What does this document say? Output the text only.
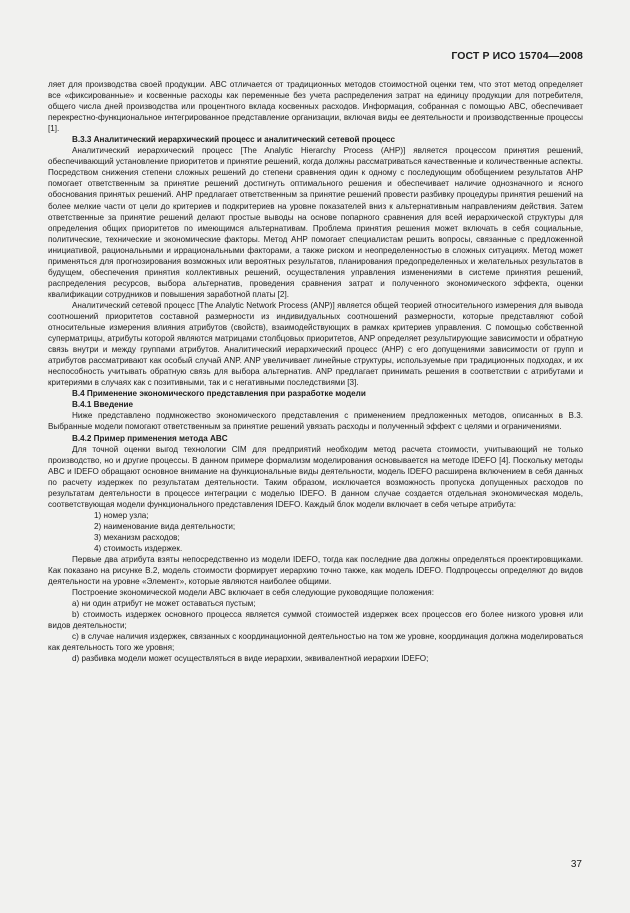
ГОСТ Р ИСО 15704—2008

ляет для производства своей продукции. ABC отличается от традиционных методов стоимостной оценки тем, что этот метод определяет все «фиксированные» и косвенные расходы как переменные без учета распределения затрат на единицу продукции для потребителя, общего числа дней производства или процентного вклада косвенных расходов. Информация, собранная с помощью ABC, обеспечивает перекрестно-функциональное интегрированное представление организации, включая виды ее деятельности и производственные процессы [1].

В.3.3 Аналитический иерархический процесс и аналитический сетевой процесс

Аналитический иерархический процесс [The Analytic Hierarchy Process (AHP)] является процессом принятия решений, обеспечивающий установление приоритетов и принятие решений, когда должны рассматриваться качественные и количественные аспекты. Посредством снижения степени сложных решений до степени сравнения один к одному с последующим обобщением результатов AHP помогает ответственным за принятие решений достигнуть оптимального решения и обеспечивает наличие однозначного и ясного обоснования принятых решений. AHP предлагает ответственным за принятие решений провести разбивку процедуры принятия решений на более мелкие части от цели до критериев и подкритериев на уровне показателей вниз к альтернативным направлениям действия. Затем ответственные за принятие решений делают простые выводы на основе попарного сравнения для всей иерархической структуры для определения общих приоритетов по имеющимся альтернативам. Проблема принятия решения может включать в себя социальные, политические, технические и экономические факторы. Метод AHP помогает специалистам решить вопросы, связанные с предложенной инициативой, рациональными и иррациональными факторами, а также риском и неопределенностью в сложных ситуациях. Метод может применяться для прогнозирования возможных или вероятных результатов, планирования предопределенных и желательных результатов в будущем, обеспечения принятия коллективных решений, осуществления управления изменениями в системе принятия решений, распределения ресурсов, выбора альтернатив, проведения сравнения затрат и полученного экономического эффекта, оценки квалификации сотрудников и повышения заработной платы [2].

Аналитический сетевой процесс [The Analytic Network Process (ANP)] является общей теорией относительного измерения для вывода соотношений приоритетов составной размерности из индивидуальных соотношений размерности, которые представляют собой относительные измерения влияния атрибутов (свойств), взаимодействующих в рамках критериев управления. С помощью собственной суперматрицы, атрибуты которой являются матрицами столбцовых приоритетов, ANP определяет результирующие зависимости и обратную связь внутри и между группами атрибутов. Аналитический иерархический процесс (AHP) с его допущениями зависимости от групп и атрибутов рассматривают как особый случай ANP. ANP увеличивает линейные структуры, используемые при традиционных подходах, и их неспособность учитывать обратную связь для выбора альтернатив. ANP предлагает принимать решения в соответствии с атрибутами и критериями в случаях как с позитивными, так и с негативными последствиями [3].

В.4 Применение экономического представления при разработке модели

В.4.1 Введение

Ниже представлено подмножество экономического представления с применением предложенных методов, описанных в В.3. Выбранные модели помогают ответственным за принятие решений увязать расходы и полученный эффект с целями и ограничениями.

В.4.2 Пример применения метода ABC

Для точной оценки выгод технологии CIM для предприятий необходим метод расчета стоимости, учитывающий не только производство, но и другие процессы. В данном примере формализм моделирования основывается на методе IDEFO [4]. Поскольку методы ABC и IDEFO обращают основное внимание на функциональные виды деятельности, модель IDEFO расширена включением в себя данных по расчету издержек по результатам деятельности. Таким образом, исключается возможность пропуска допущенных расходов по результатам деятельности в процессе интеграции с моделью IDEFO. В данном случае создается отдельная экономическая модель, соответствующая модели функционального представления IDEFO. Каждый блок модели включает в себя четыре атрибута:

1) номер узла;

2) наименование вида деятельности;

3) механизм расходов;

4) стоимость издержек.

Первые два атрибута взяты непосредственно из модели IDEFO, тогда как последние два должны определяться проектировщиками. Как показано на рисунке В.2, модель стоимости формирует иерархию точно также, как модель IDEFO. Подпроцессы определяют до видов деятельности на уровне «Элемент», которые являются наиболее общими.

Построение экономической модели ABC включает в себя следующие руководящие положения:

а) ни один атрибут не может оставаться пустым;

b) стоимость издержек основного процесса является суммой стоимостей издержек всех процессов его более низкого уровня или видов деятельности;

c) в случае наличия издержек, связанных с координационной деятельностью на том же уровне, координация должна моделироваться как деятельность того же уровня;

d) разбивка модели может осуществляться в виде иерархии, эквивалентной иерархии IDEFO;

37
